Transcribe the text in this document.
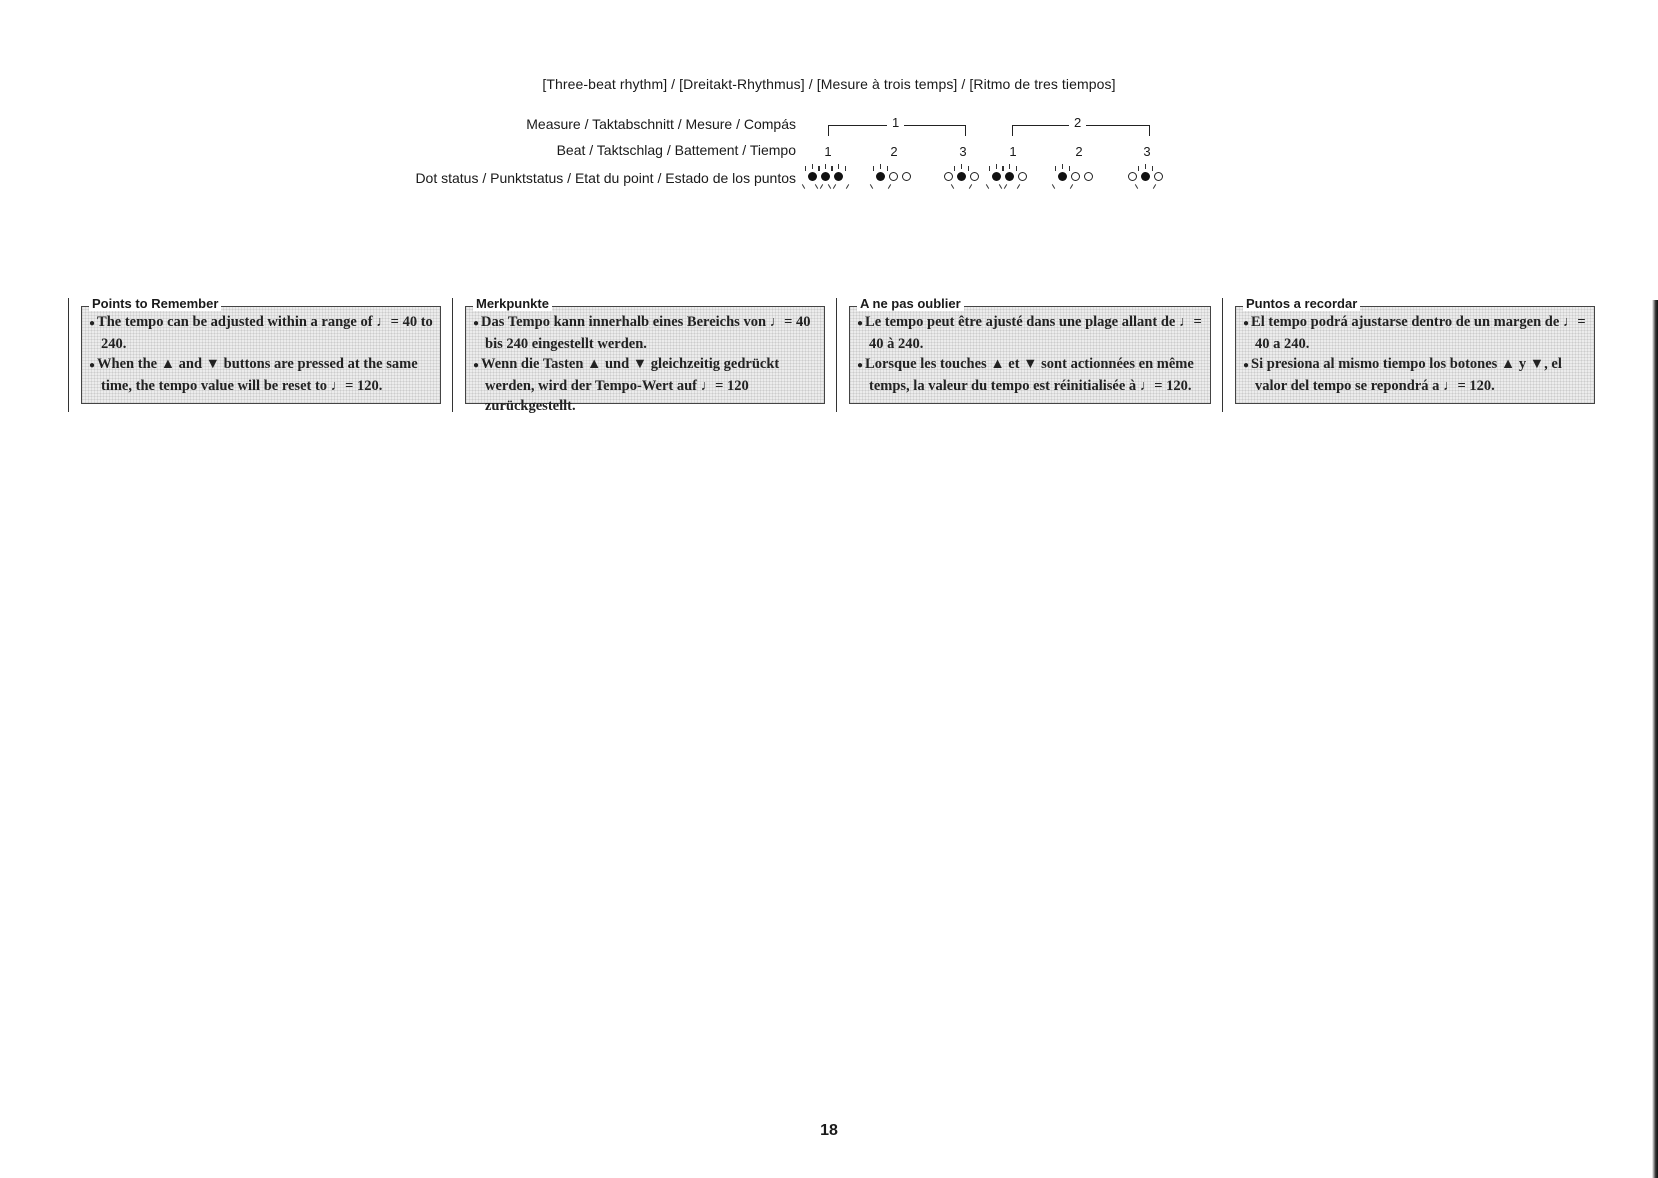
[Three-beat rhythm] / [Dreitakt-Rhythmus] / [Mesure à trois temps] / [Ritmo de tres tiempos]
Measure / Taktabschnitt / Mesure / Compás
Beat / Taktschlag / Battement / Tiempo
Dot status / Punktstatus / Etat du point / Estado de los puntos
1	2
1	2	3	1	2	3
Points to Remember

● The tempo can be adjusted within a range of ♩= 40 to 240.

● When the ▲ and ▼ buttons are pressed at the same time, the tempo value will be reset to ♩= 120.

Merkpunkte

● Das Tempo kann innerhalb eines Bereichs von ♩= 40 bis 240 eingestellt werden.

● Wenn die Tasten ▲ und ▼ gleichzeitig gedrückt werden, wird der Tempo-Wert auf ♩= 120 zurückgestellt.

A ne pas oublier

● Le tempo peut être ajusté dans une plage allant de ♩= 40 à 240.

● Lorsque les touches ▲ et ▼ sont actionnées en même temps, la valeur du tempo est réinitialisée à ♩= 120.

Puntos a recordar

● El tempo podrá ajustarse dentro de un margen de ♩= 40 a 240.

● Si presiona al mismo tiempo los botones ▲ y ▼, el valor del tempo se repondrá a ♩= 120.

18
